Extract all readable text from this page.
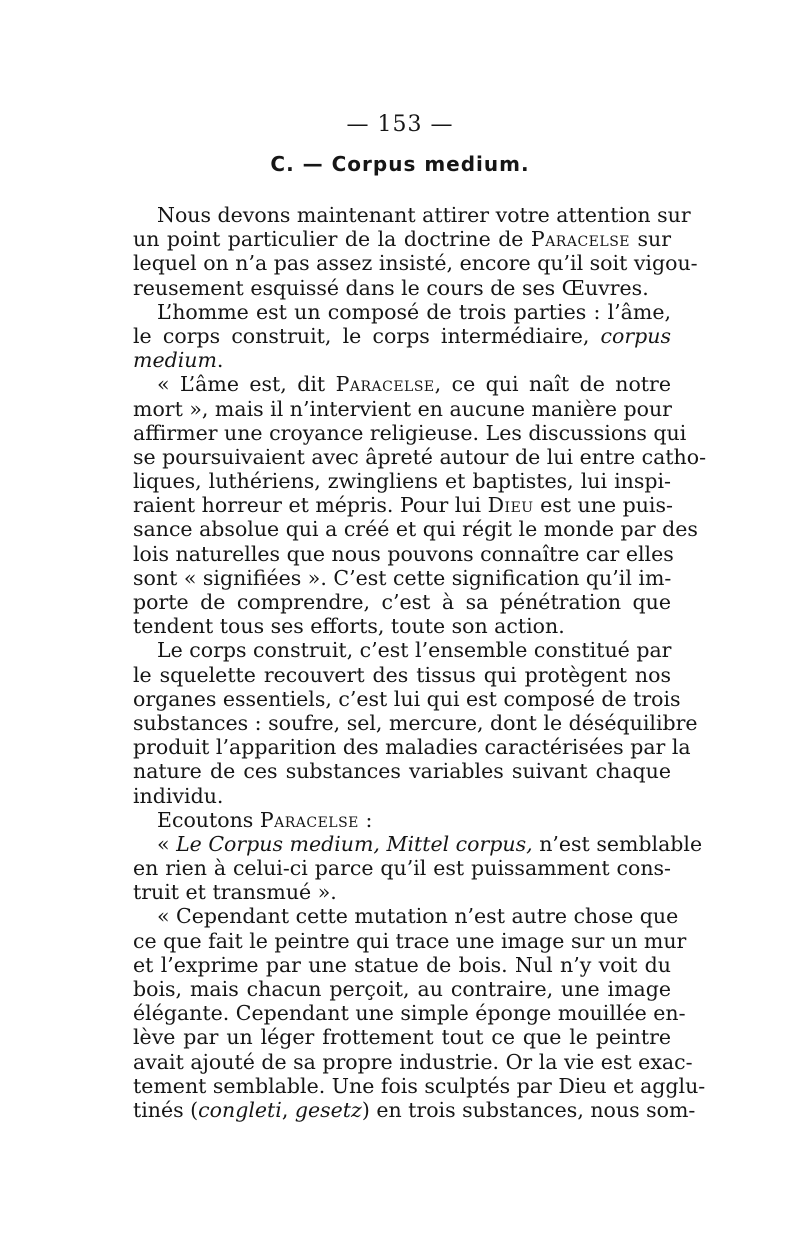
— 153 —
C. — Corpus medium.
Nous devons maintenant attirer votre attention sur
un point particulier de la doctrine de Paracelse sur
lequel on n’a pas assez insisté, encore qu’il soit vigou-
reusement esquissé dans le cours de ses Œuvres.
L’homme est un composé de trois parties : l’âme,
le corps construit, le corps intermédiaire, corpus
medium.
« L’âme est, dit Paracelse, ce qui naît de notre
mort », mais il n’intervient en aucune manière pour
affirmer une croyance religieuse. Les discussions qui
se poursuivaient avec âpreté autour de lui entre catho-
liques, luthériens, zwingliens et baptistes, lui inspi-
raient horreur et mépris. Pour lui Dieu est une puis-
sance absolue qui a créé et qui régit le monde par des
lois naturelles que nous pouvons connaître car elles
sont « signifiées ». C’est cette signification qu’il im-
porte de comprendre, c’est à sa pénétration que
tendent tous ses efforts, toute son action.
Le corps construit, c’est l’ensemble constitué par
le squelette recouvert des tissus qui protègent nos
organes essentiels, c’est lui qui est composé de trois
substances : soufre, sel, mercure, dont le déséquilibre
produit l’apparition des maladies caractérisées par la
nature de ces substances variables suivant chaque
individu.
Ecoutons Paracelse :
« Le Corpus medium, Mittel corpus, n’est semblable
en rien à celui-ci parce qu’il est puissamment cons-
truit et transmué ».
« Cependant cette mutation n’est autre chose que
ce que fait le peintre qui trace une image sur un mur
et l’exprime par une statue de bois. Nul n’y voit du
bois, mais chacun perçoit, au contraire, une image
élégante. Cependant une simple éponge mouillée en-
lève par un léger frottement tout ce que le peintre
avait ajouté de sa propre industrie. Or la vie est exac-
tement semblable. Une fois sculptés par Dieu et agglu-
tinés (congleti, gesetz) en trois substances, nous som-
